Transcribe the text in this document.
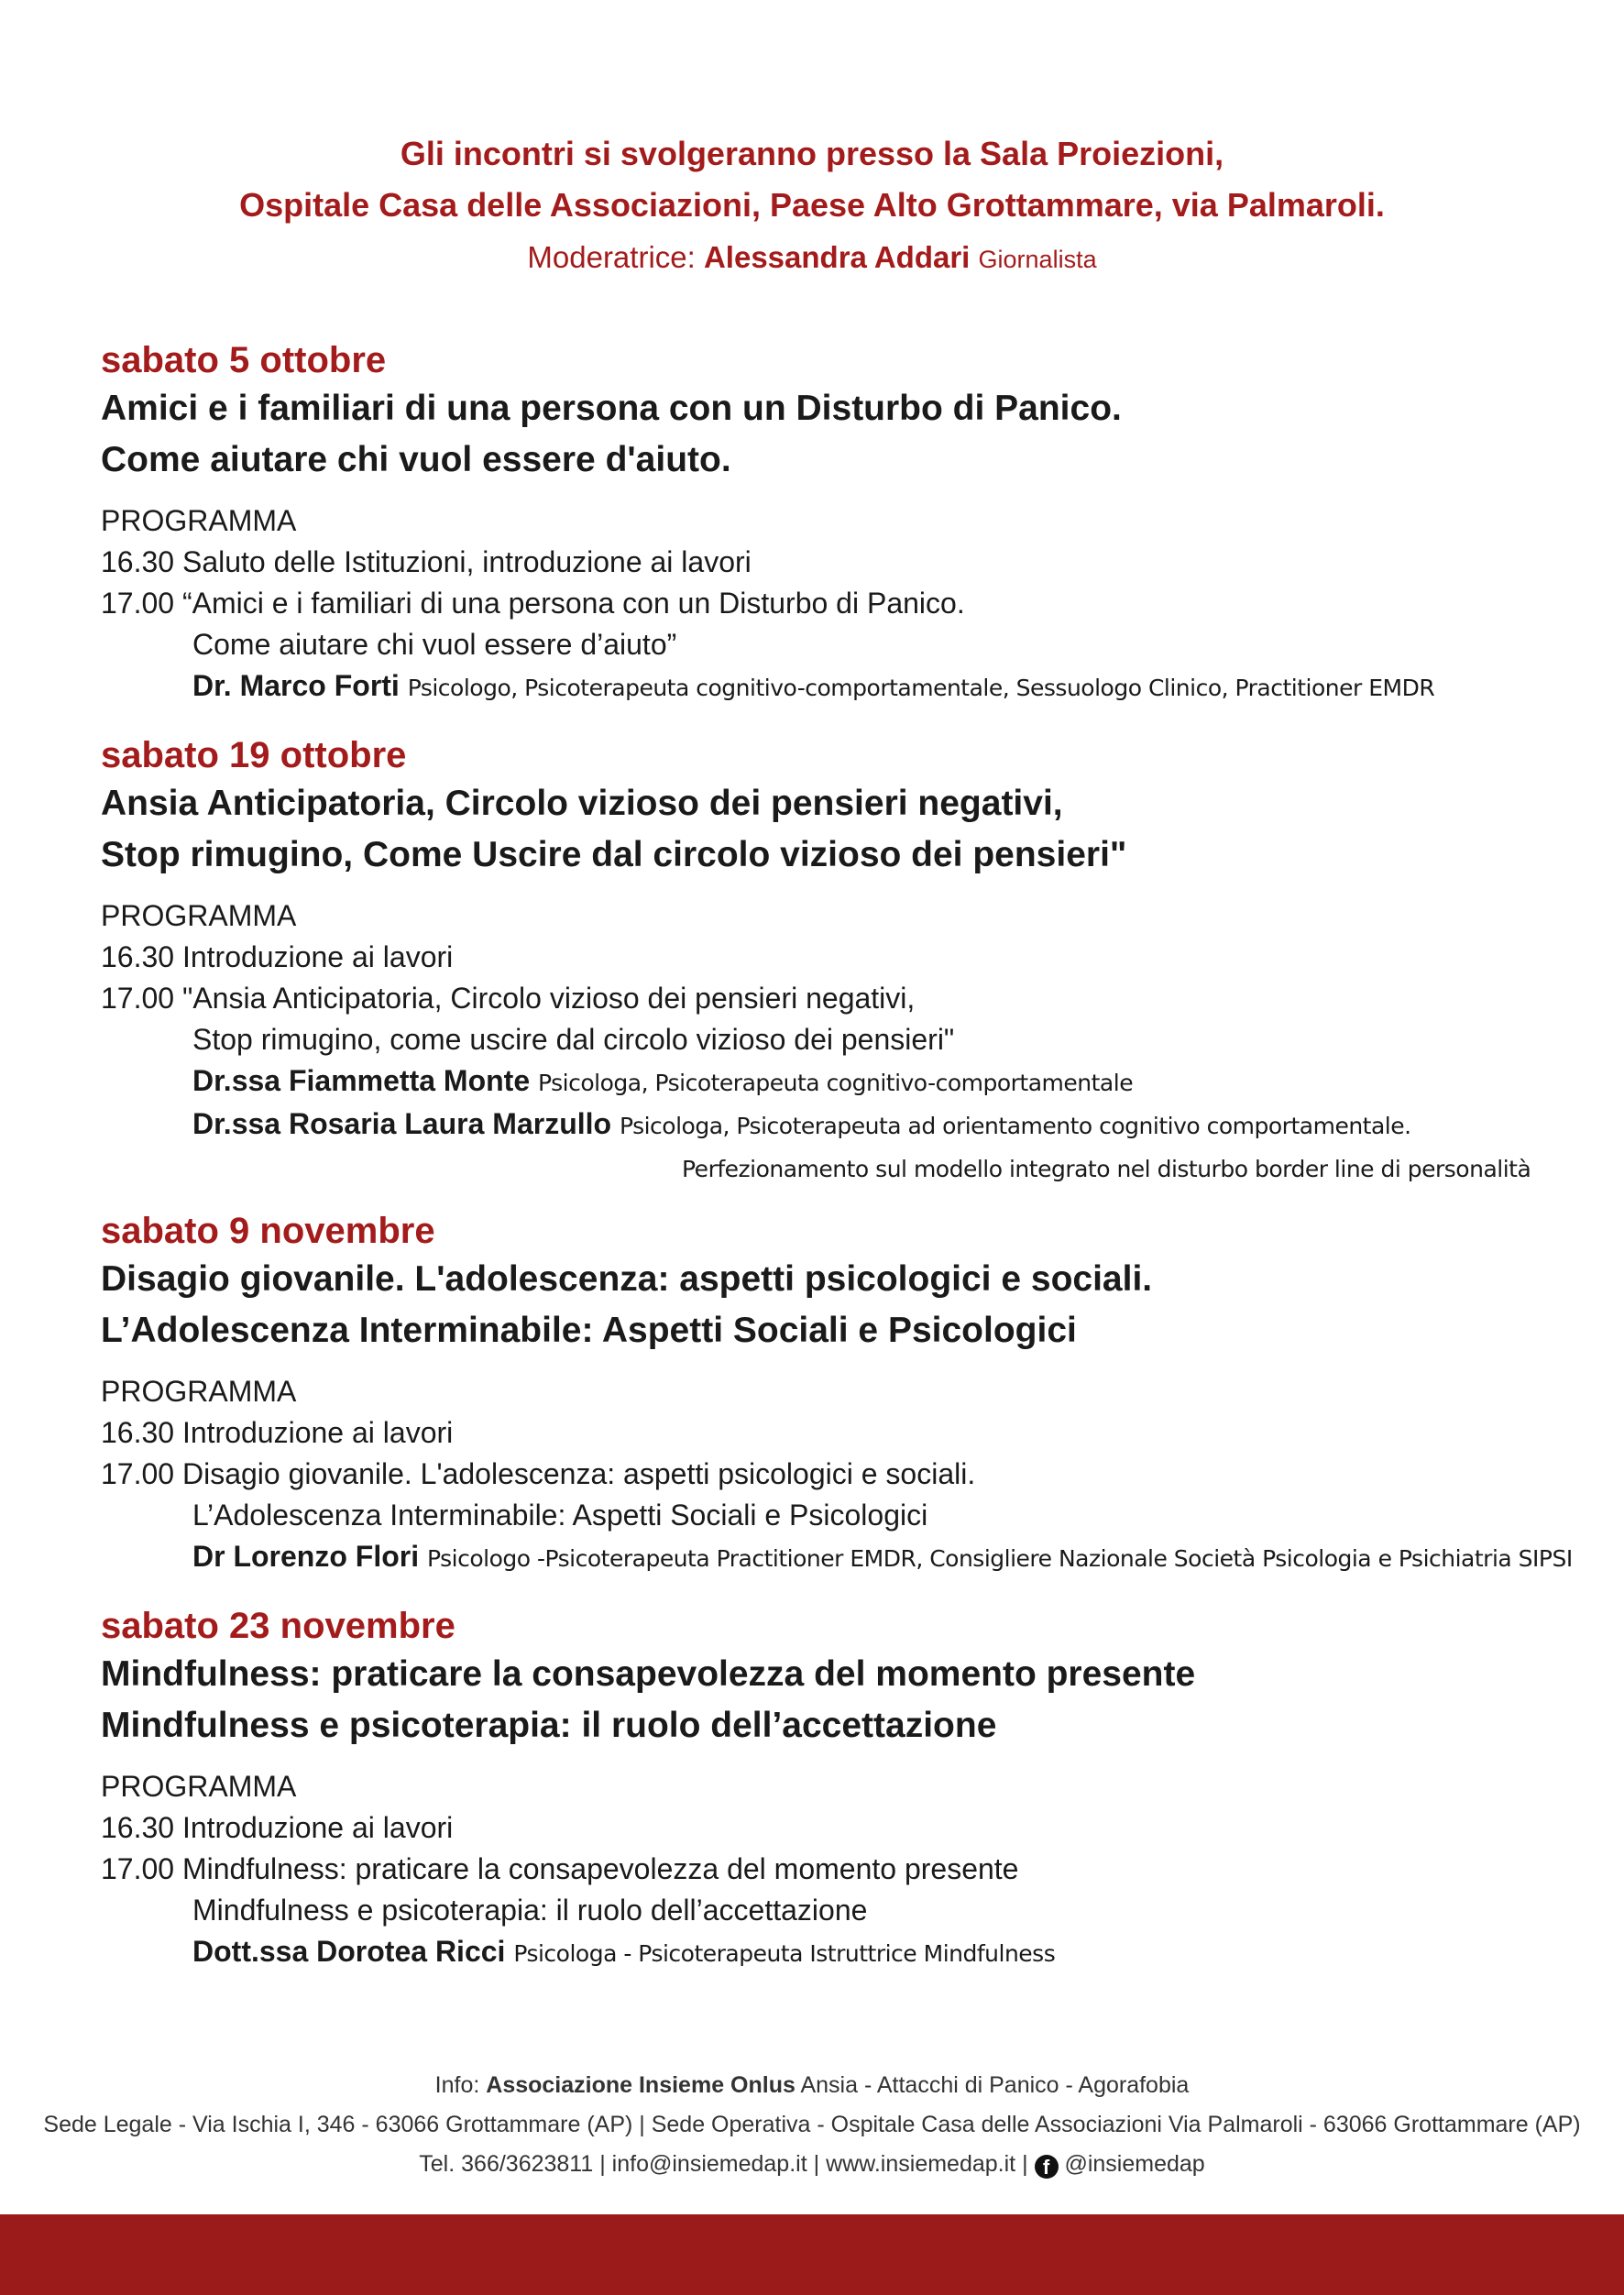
Gli incontri si svolgeranno presso la Sala Proiezioni,
Ospitale Casa delle Associazioni, Paese Alto Grottammare, via Palmaroli.
Moderatrice: Alessandra Addari Giornalista
sabato 5 ottobre
Amici e i familiari di una persona con un Disturbo di Panico.
Come aiutare chi vuol essere d'aiuto.
PROGRAMMA
16.30 Saluto delle Istituzioni, introduzione ai lavori
17.00 “Amici e i familiari di una persona con un Disturbo di Panico.
Come aiutare chi vuol essere d’aiuto”
Dr. Marco Forti Psicologo, Psicoterapeuta cognitivo-comportamentale, Sessuologo Clinico, Practitioner EMDR
sabato 19 ottobre
Ansia Anticipatoria, Circolo vizioso dei pensieri negativi,
Stop rimugino, Come Uscire dal circolo vizioso dei pensieri"
PROGRAMMA
16.30 Introduzione ai lavori
17.00 "Ansia Anticipatoria, Circolo vizioso dei pensieri negativi,
Stop rimugino, come uscire dal circolo vizioso dei pensieri"
Dr.ssa Fiammetta Monte Psicologa, Psicoterapeuta cognitivo-comportamentale
Dr.ssa Rosaria Laura Marzullo Psicologa, Psicoterapeuta ad orientamento cognitivo comportamentale.
Perfezionamento sul modello integrato nel disturbo border line di personalità
sabato 9 novembre
Disagio giovanile. L'adolescenza: aspetti psicologici e sociali.
L’Adolescenza Interminabile: Aspetti Sociali e Psicologici
PROGRAMMA
16.30 Introduzione ai lavori
17.00 Disagio giovanile. L'adolescenza: aspetti psicologici e sociali.
L’Adolescenza Interminabile: Aspetti Sociali e Psicologici
Dr Lorenzo Flori Psicologo -Psicoterapeuta Practitioner EMDR, Consigliere Nazionale Società Psicologia e Psichiatria SIPSI
sabato 23 novembre
Mindfulness: praticare la consapevolezza del momento presente
Mindfulness e psicoterapia: il ruolo dell’accettazione
PROGRAMMA
16.30 Introduzione ai lavori
17.00 Mindfulness: praticare la consapevolezza del momento presente
Mindfulness e psicoterapia: il ruolo dell’accettazione
Dott.ssa Dorotea Ricci Psicologa - Psicoterapeuta Istruttrice Mindfulness
Info: Associazione Insieme Onlus Ansia - Attacchi di Panico - Agorafobia
Sede Legale - Via Ischia I, 346 - 63066 Grottammare (AP) | Sede Operativa - Ospitale Casa delle Associazioni Via Palmaroli - 63066 Grottammare (AP)
Tel. 366/3623811 | info@insiemedap.it | www.insiemedap.it | f @insiemedap
